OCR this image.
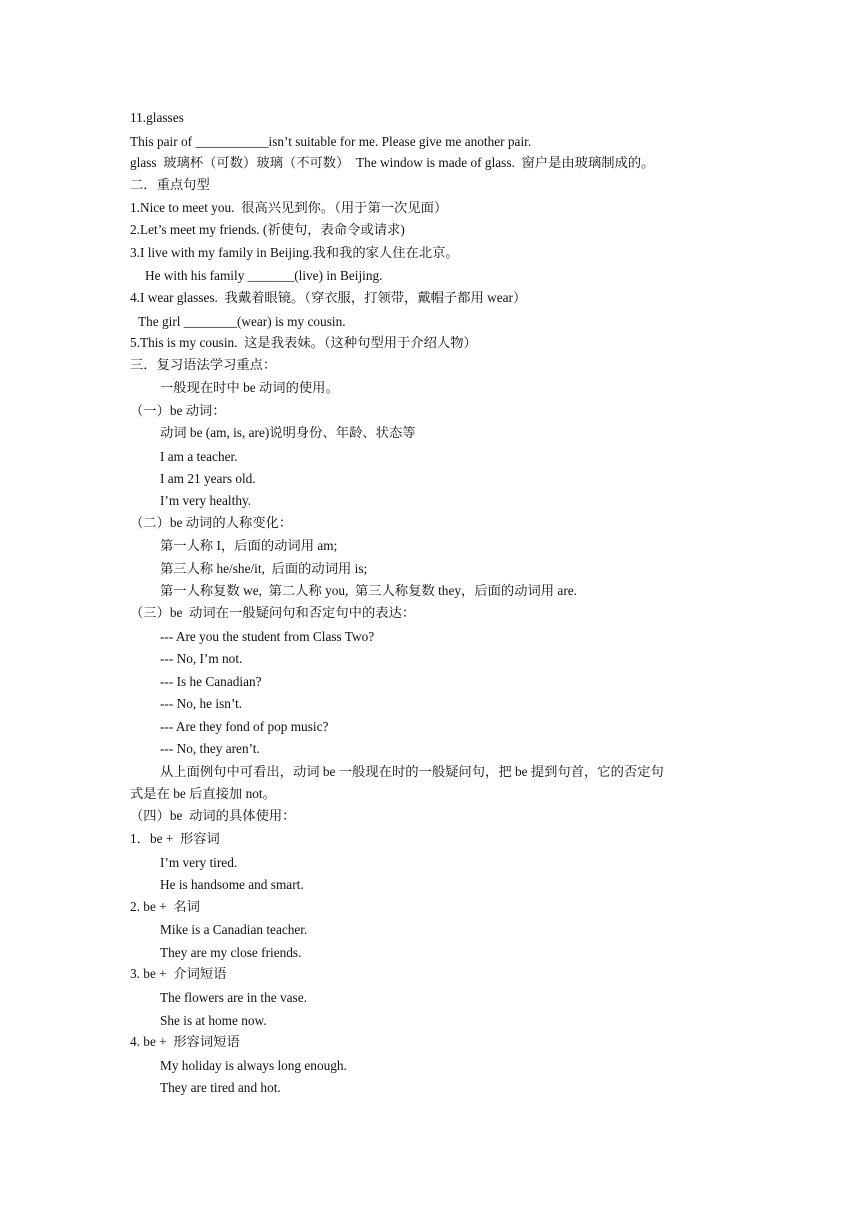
11.glasses
This pair of ___________isn’t suitable for me. Please give me another pair.
glass  玻璃杯（可数）玻璃（不可数）  The window is made of glass.  窗户是由玻璃制成的。
二．重点句型
1.Nice to meet you.  很高兴见到你。（用于第一次见面）
2.Let’s meet my friends. (祈使句，表命令或请求)
3.I live with my family in Beijing.我和我的家人住在北京。
He with his family _______(live) in Beijing.
4.I wear glasses.  我戴着眼镜。（穿衣服，打领带，戴帽子都用 wear）
The girl ________(wear) is my cousin.
5.This is my cousin.  这是我表妹。（这种句型用于介绍人物）
三．复习语法学习重点：
一般现在时中 be 动词的使用。
（一）be 动词：
动词 be (am, is, are)说明身份、年龄、状态等
I am a teacher.
I am 21 years old.
I’m very healthy.
（二）be 动词的人称变化：
第一人称 I，后面的动词用 am;
第三人称 he/she/it,  后面的动词用 is;
第一人称复数 we,  第二人称 you,  第三人称复数 they，后面的动词用 are.
（三）be  动词在一般疑问句和否定句中的表达：
--- Are you the student from Class Two?
--- No, I’m not.
--- Is he Canadian?
--- No, he isn’t.
--- Are they fond of pop music?
--- No, they aren’t.
从上面例句中可看出，动词 be 一般现在时的一般疑问句，把 be 提到句首，它的否定句
式是在 be 后直接加 not。
（四）be  动词的具体使用：
1．be +  形容词
I’m very tired.
He is handsome and smart.
2. be +  名词
Mike is a Canadian teacher.
They are my close friends.
3. be +  介词短语
The flowers are in the vase.
She is at home now.
4. be +  形容词短语
My holiday is always long enough.
They are tired and hot.
